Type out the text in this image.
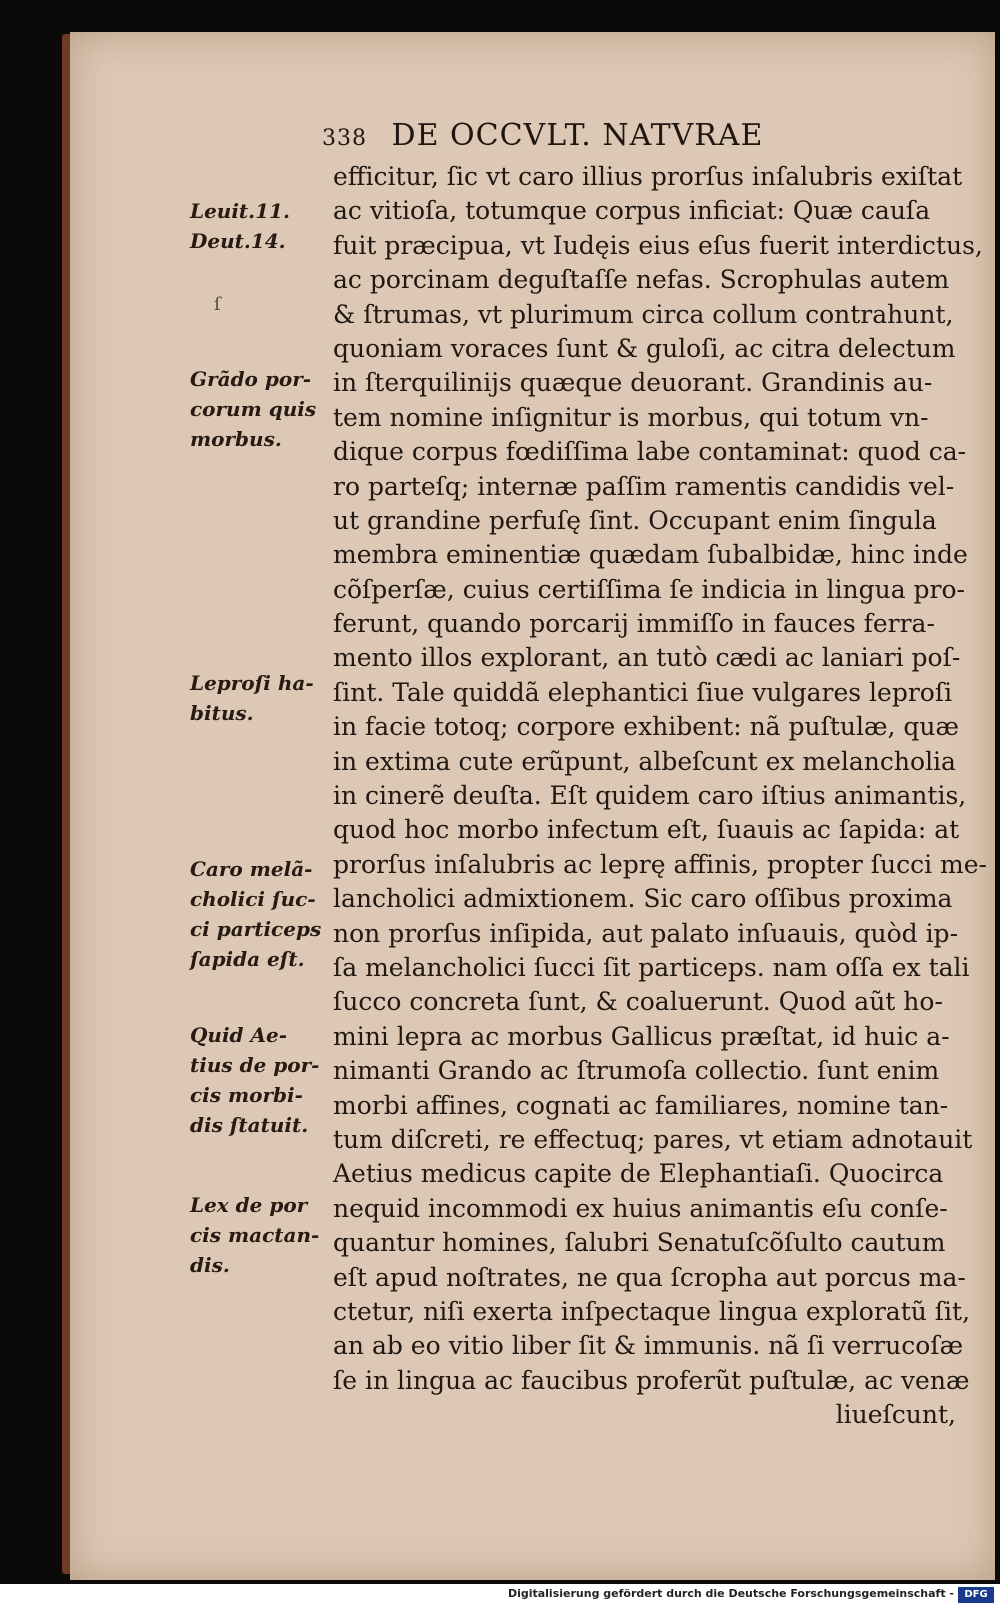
338 DE OCCVLT. NATVRAE
efficitur, ſic vt caro illius prorſus inſalubris exiſtat
ac vitioſa, totumque corpus inficiat: Quæ cauſa
fuit præcipua, vt Iudęis eius eſus fuerit interdictus,
ac porcinam deguſtaſſe nefas. Scrophulas autem
& ſtrumas, vt plurimum circa collum contrahunt,
quoniam voraces ſunt & guloſi, ac citra delectum
in ſterquilinijs quæque deuorant. Grandinis au-
tem nomine inſignitur is morbus, qui totum vn-
dique corpus fœdiſſima labe contaminat: quod ca-
ro parteſq; internæ paſſim ramentis candidis vel-
ut grandine perfuſę ſint. Occupant enim ſingula
membra eminentiæ quædam ſubalbidæ, hinc inde
cõſperſæ, cuius certiſſima ſe indicia in lingua pro-
ferunt, quando porcarij immiſſo in fauces ferra-
mento illos explorant, an tutò cædi ac laniari poſ-
ſint. Tale quiddã elephantici ſiue vulgares leproſi
in facie totoq; corpore exhibent: nã puſtulæ, quæ
in extima cute erũpunt, albeſcunt ex melancholia
in cinerẽ deuſta. Eſt quidem caro iſtius animantis,
quod hoc morbo infectum eſt, ſuauis ac ſapida: at
prorſus inſalubris ac leprę affinis, propter ſucci me-
lancholici admixtionem. Sic caro oſſibus proxima
non prorſus inſipida, aut palato inſuauis, quòd ip-
ſa melancholici ſucci ſit particeps. nam oſſa ex tali
ſucco concreta ſunt, & coaluerunt. Quod aũt ho-
mini lepra ac morbus Gallicus præſtat, id huic a-
nimanti Grando ac ſtrumoſa collectio. ſunt enim
morbi affines, cognati ac familiares, nomine tan-
tum diſcreti, re effectuq; pares, vt etiam adnotauit
Aetius medicus capite de Elephantiaſi. Quocirca
nequid incommodi ex huius animantis eſu conſe-
quantur homines, ſalubri Senatuſcõſulto cautum
eſt apud noſtrates, ne qua ſcropha aut porcus ma-
ctetur, niſi exerta inſpectaque lingua exploratũ ſit,
an ab eo vitio liber ſit & immunis. nã ſi verrucoſæ
ſe in lingua ac faucibus proferũt puſtulæ, ac venæ
liueſcunt,
Leuit.11.
Deut.14.
Grãdo por-
corum quis
morbus.
Leproſi ha-
bitus.
Caro melã-
cholici ſuc-
ci particeps
ſapida eſt.
Quid Ae-
tius de por-
cis morbi-
dis ſtatuit.
Lex de por
cis mactan-
dis.
ſ
Digitalisierung gefördert durch die Deutsche Forschungsgemeinschaft -	DFG
